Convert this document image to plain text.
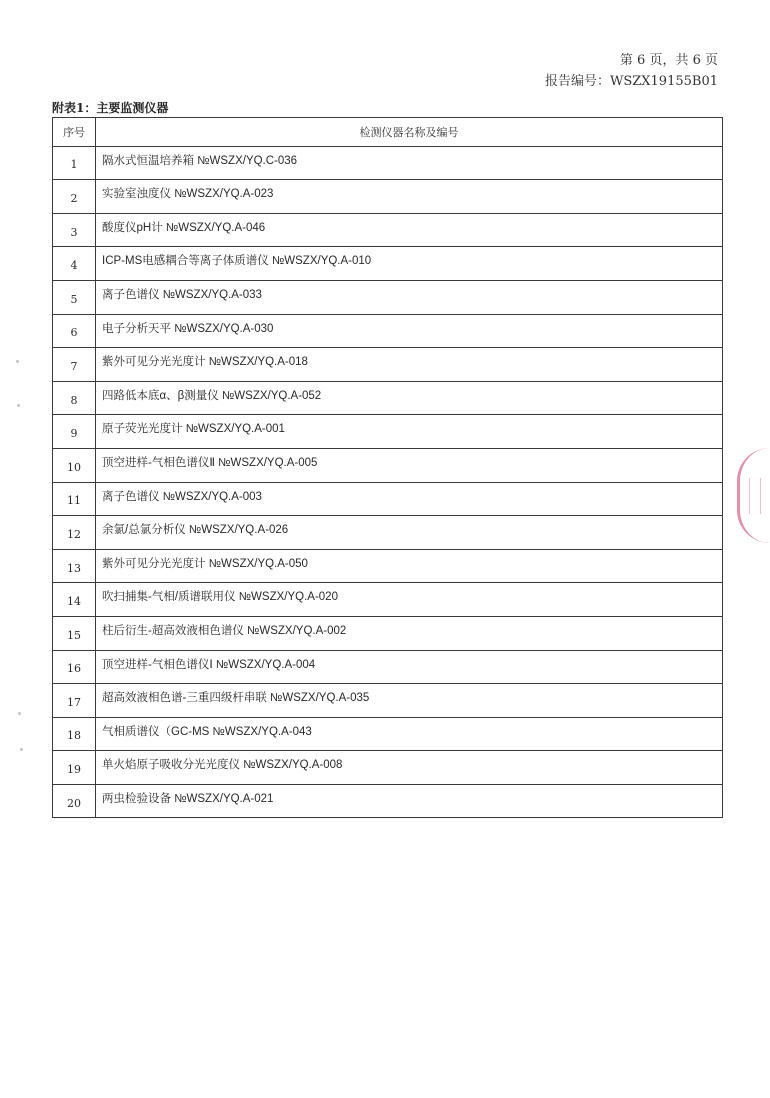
第 6 页，共 6 页
报告编号：WSZX19155B01
附表1：主要监测仪器
序号	检测仪器名称及编号
1	隔水式恒温培养箱 №WSZX/YQ.C-036
2	实验室浊度仪 №WSZX/YQ.A-023
3	酸度仪pH计 №WSZX/YQ.A-046
4	ICP-MS电感耦合等离子体质谱仪 №WSZX/YQ.A-010
5	离子色谱仪 №WSZX/YQ.A-033
6	电子分析天平 №WSZX/YQ.A-030
7	紫外可见分光光度计 №WSZX/YQ.A-018
8	四路低本底α、β测量仪 №WSZX/YQ.A-052
9	原子荧光光度计 №WSZX/YQ.A-001
10	顶空进样-气相色谱仪Ⅱ №WSZX/YQ.A-005
11	离子色谱仪 №WSZX/YQ.A-003
12	余氯/总氯分析仪 №WSZX/YQ.A-026
13	紫外可见分光光度计 №WSZX/YQ.A-050
14	吹扫捕集-气相/质谱联用仪 №WSZX/YQ.A-020
15	柱后衍生-超高效液相色谱仪 №WSZX/YQ.A-002
16	顶空进样-气相色谱仪Ⅰ №WSZX/YQ.A-004
17	超高效液相色谱-三重四级杆串联 №WSZX/YQ.A-035
18	气相质谱仪（GC-MS №WSZX/YQ.A-043
19	单火焰原子吸收分光光度仪 №WSZX/YQ.A-008
20	两虫检验设备 №WSZX/YQ.A-021
